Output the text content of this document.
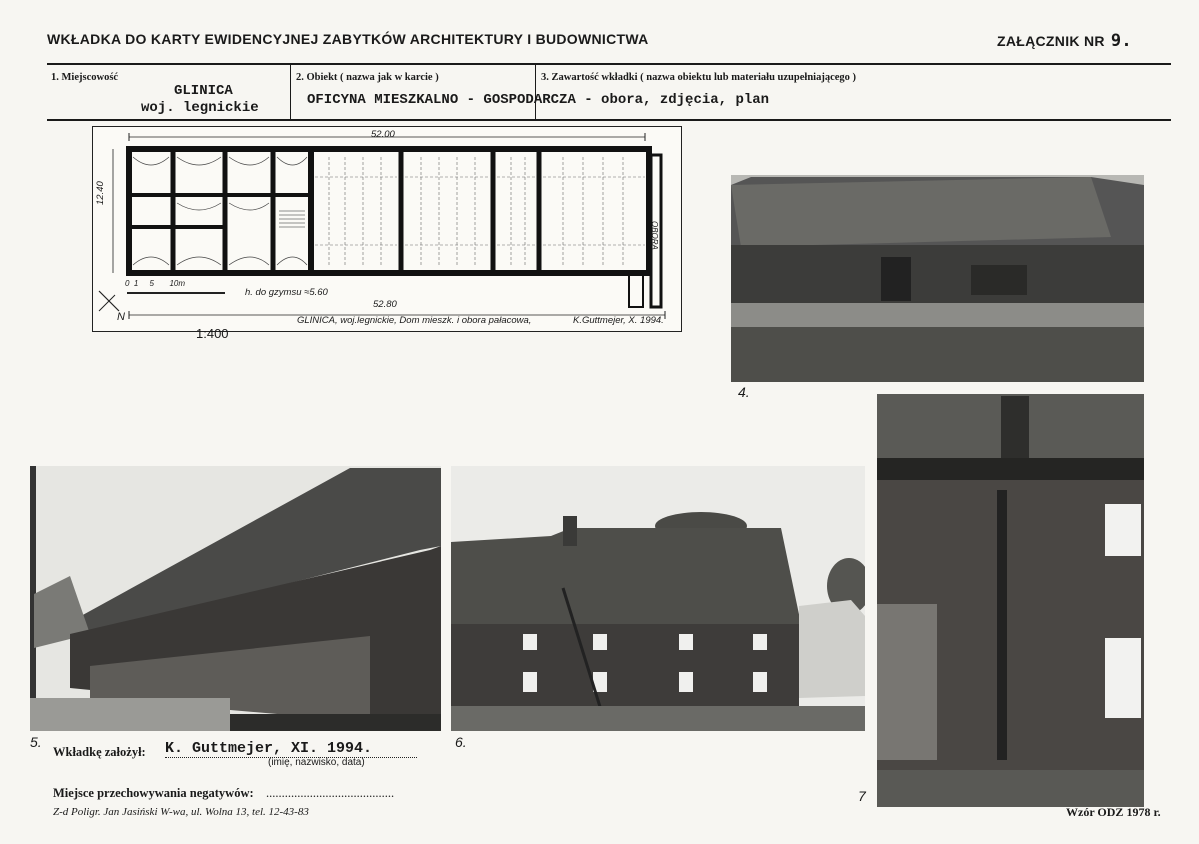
WKŁADKA DO KARTY EWIDENCYJNEJ ZABYTKÓW ARCHITEKTURY I BUDOWNICTWA	ZAŁĄCZNIK NR 9.
1. Miejscowość
GLINICA
woj. legnickie
2. Obiekt ( nazwa jak w karcie )	3. Zawartość wkładki ( nazwa obiektu lub materiału uzupełniającego )
OFICYNA MIESZKALNO - GOSPODARCZA - obora, zdjęcia, plan
52.00
52.80
12.40
OBORA
0  1     5       10m
h. do gzymsu ≈5.60
N	GLINICA, woj.legnickie, Dom mieszk. i obora pałacowa,	K.Guttmejer, X. 1994.
1:400
4.
5.	6.
7
Wkładkę założył: K. Guttmejer, XI. 1994.
(imię, nazwisko, data)
Miejsce przechowywania negatywów: .........................................
Z-d Poligr. Jan Jasiński W-wa, ul. Wolna 13, tel. 12-43-83	Wzór ODZ 1978 r.
